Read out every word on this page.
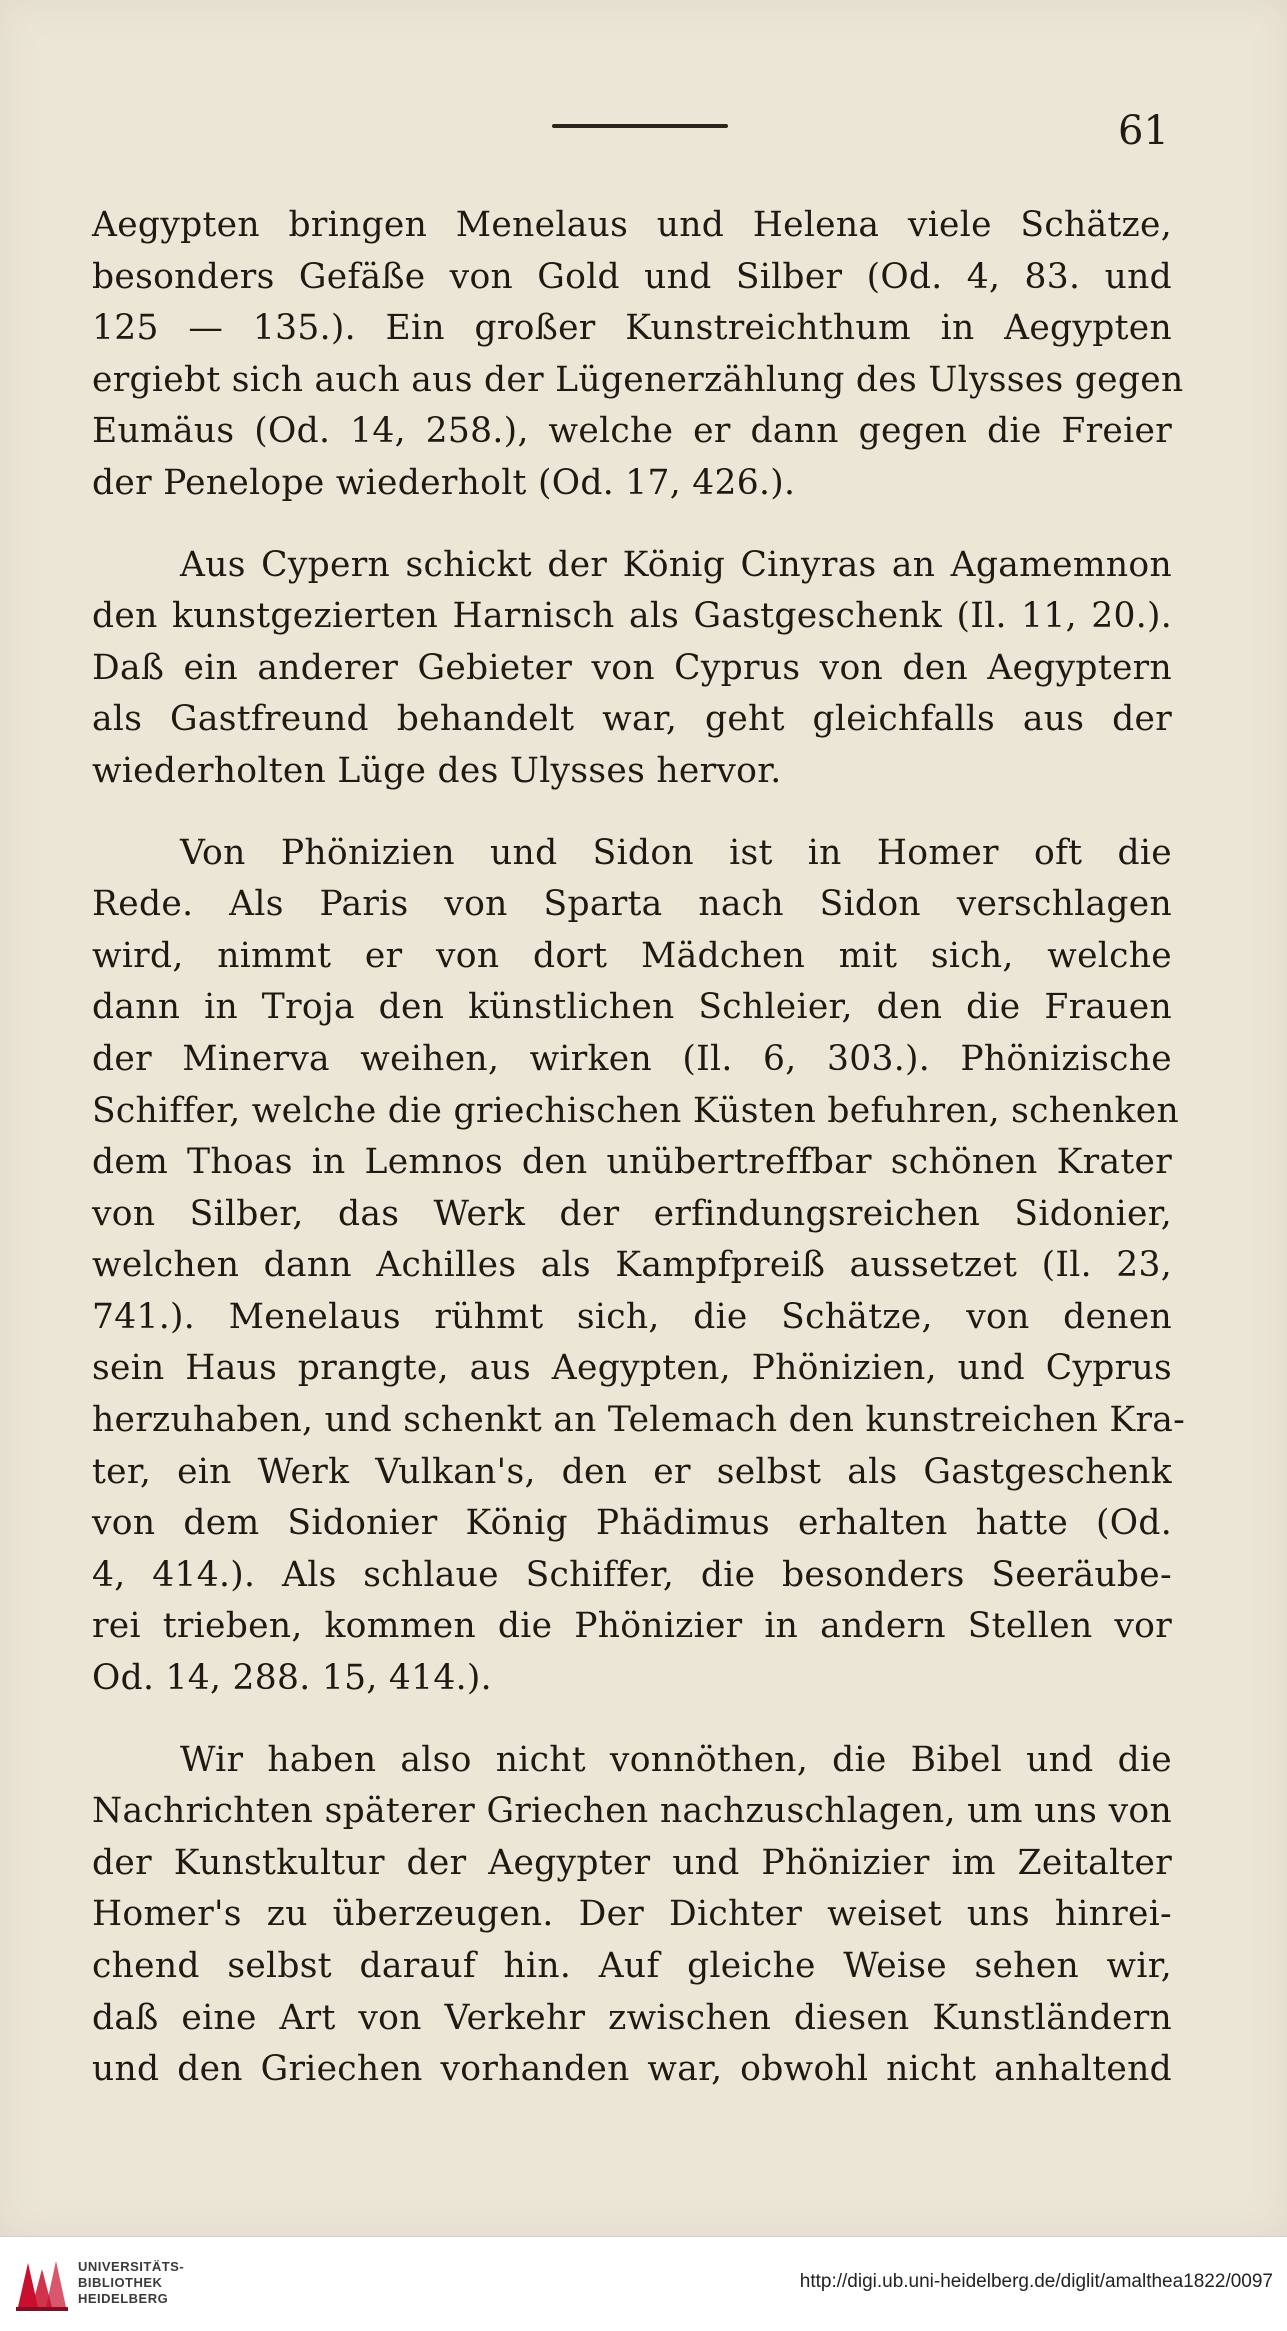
61
Aegypten bringen Menelaus und Helena viele Schätze,
besonders Gefäße von Gold und Silber (Od. 4, 83. und
125 — 135.). Ein großer Kunstreichthum in Aegypten
ergiebt sich auch aus der Lügenerzählung des Ulysses gegen
Eumäus (Od. 14, 258.), welche er dann gegen die Freier
der Penelope wiederholt (Od. 17, 426.).
Aus Cypern schickt der König Cinyras an Agamemnon
den kunstgezierten Harnisch als Gastgeschenk (Il. 11, 20.).
Daß ein anderer Gebieter von Cyprus von den Aegyptern
als Gastfreund behandelt war, geht gleichfalls aus der
wiederholten Lüge des Ulysses hervor.
Von Phönizien und Sidon ist in Homer oft die
Rede. Als Paris von Sparta nach Sidon verschlagen
wird, nimmt er von dort Mädchen mit sich, welche
dann in Troja den künstlichen Schleier, den die Frauen
der Minerva weihen, wirken (Il. 6, 303.). Phönizische
Schiffer, welche die griechischen Küsten befuhren, schenken
dem Thoas in Lemnos den unübertreffbar schönen Krater
von Silber, das Werk der erfindungsreichen Sidonier,
welchen dann Achilles als Kampfpreiß aussetzet (Il. 23,
741.). Menelaus rühmt sich, die Schätze, von denen
sein Haus prangte, aus Aegypten, Phönizien, und Cyprus
herzuhaben, und schenkt an Telemach den kunstreichen Kra-
ter, ein Werk Vulkan's, den er selbst als Gastgeschenk
von dem Sidonier König Phädimus erhalten hatte (Od.
4, 414.). Als schlaue Schiffer, die besonders Seeräube-
rei trieben, kommen die Phönizier in andern Stellen vor
Od. 14, 288. 15, 414.).
Wir haben also nicht vonnöthen, die Bibel und die
Nachrichten späterer Griechen nachzuschlagen, um uns von
der Kunstkultur der Aegypter und Phönizier im Zeitalter
Homer's zu überzeugen. Der Dichter weiset uns hinrei-
chend selbst darauf hin. Auf gleiche Weise sehen wir,
daß eine Art von Verkehr zwischen diesen Kunstländern
und den Griechen vorhanden war, obwohl nicht anhaltend
UNIVERSITÄTS-
BIBLIOTHEK
HEIDELBERG
http://digi.ub.uni-heidelberg.de/diglit/amalthea1822/0097
